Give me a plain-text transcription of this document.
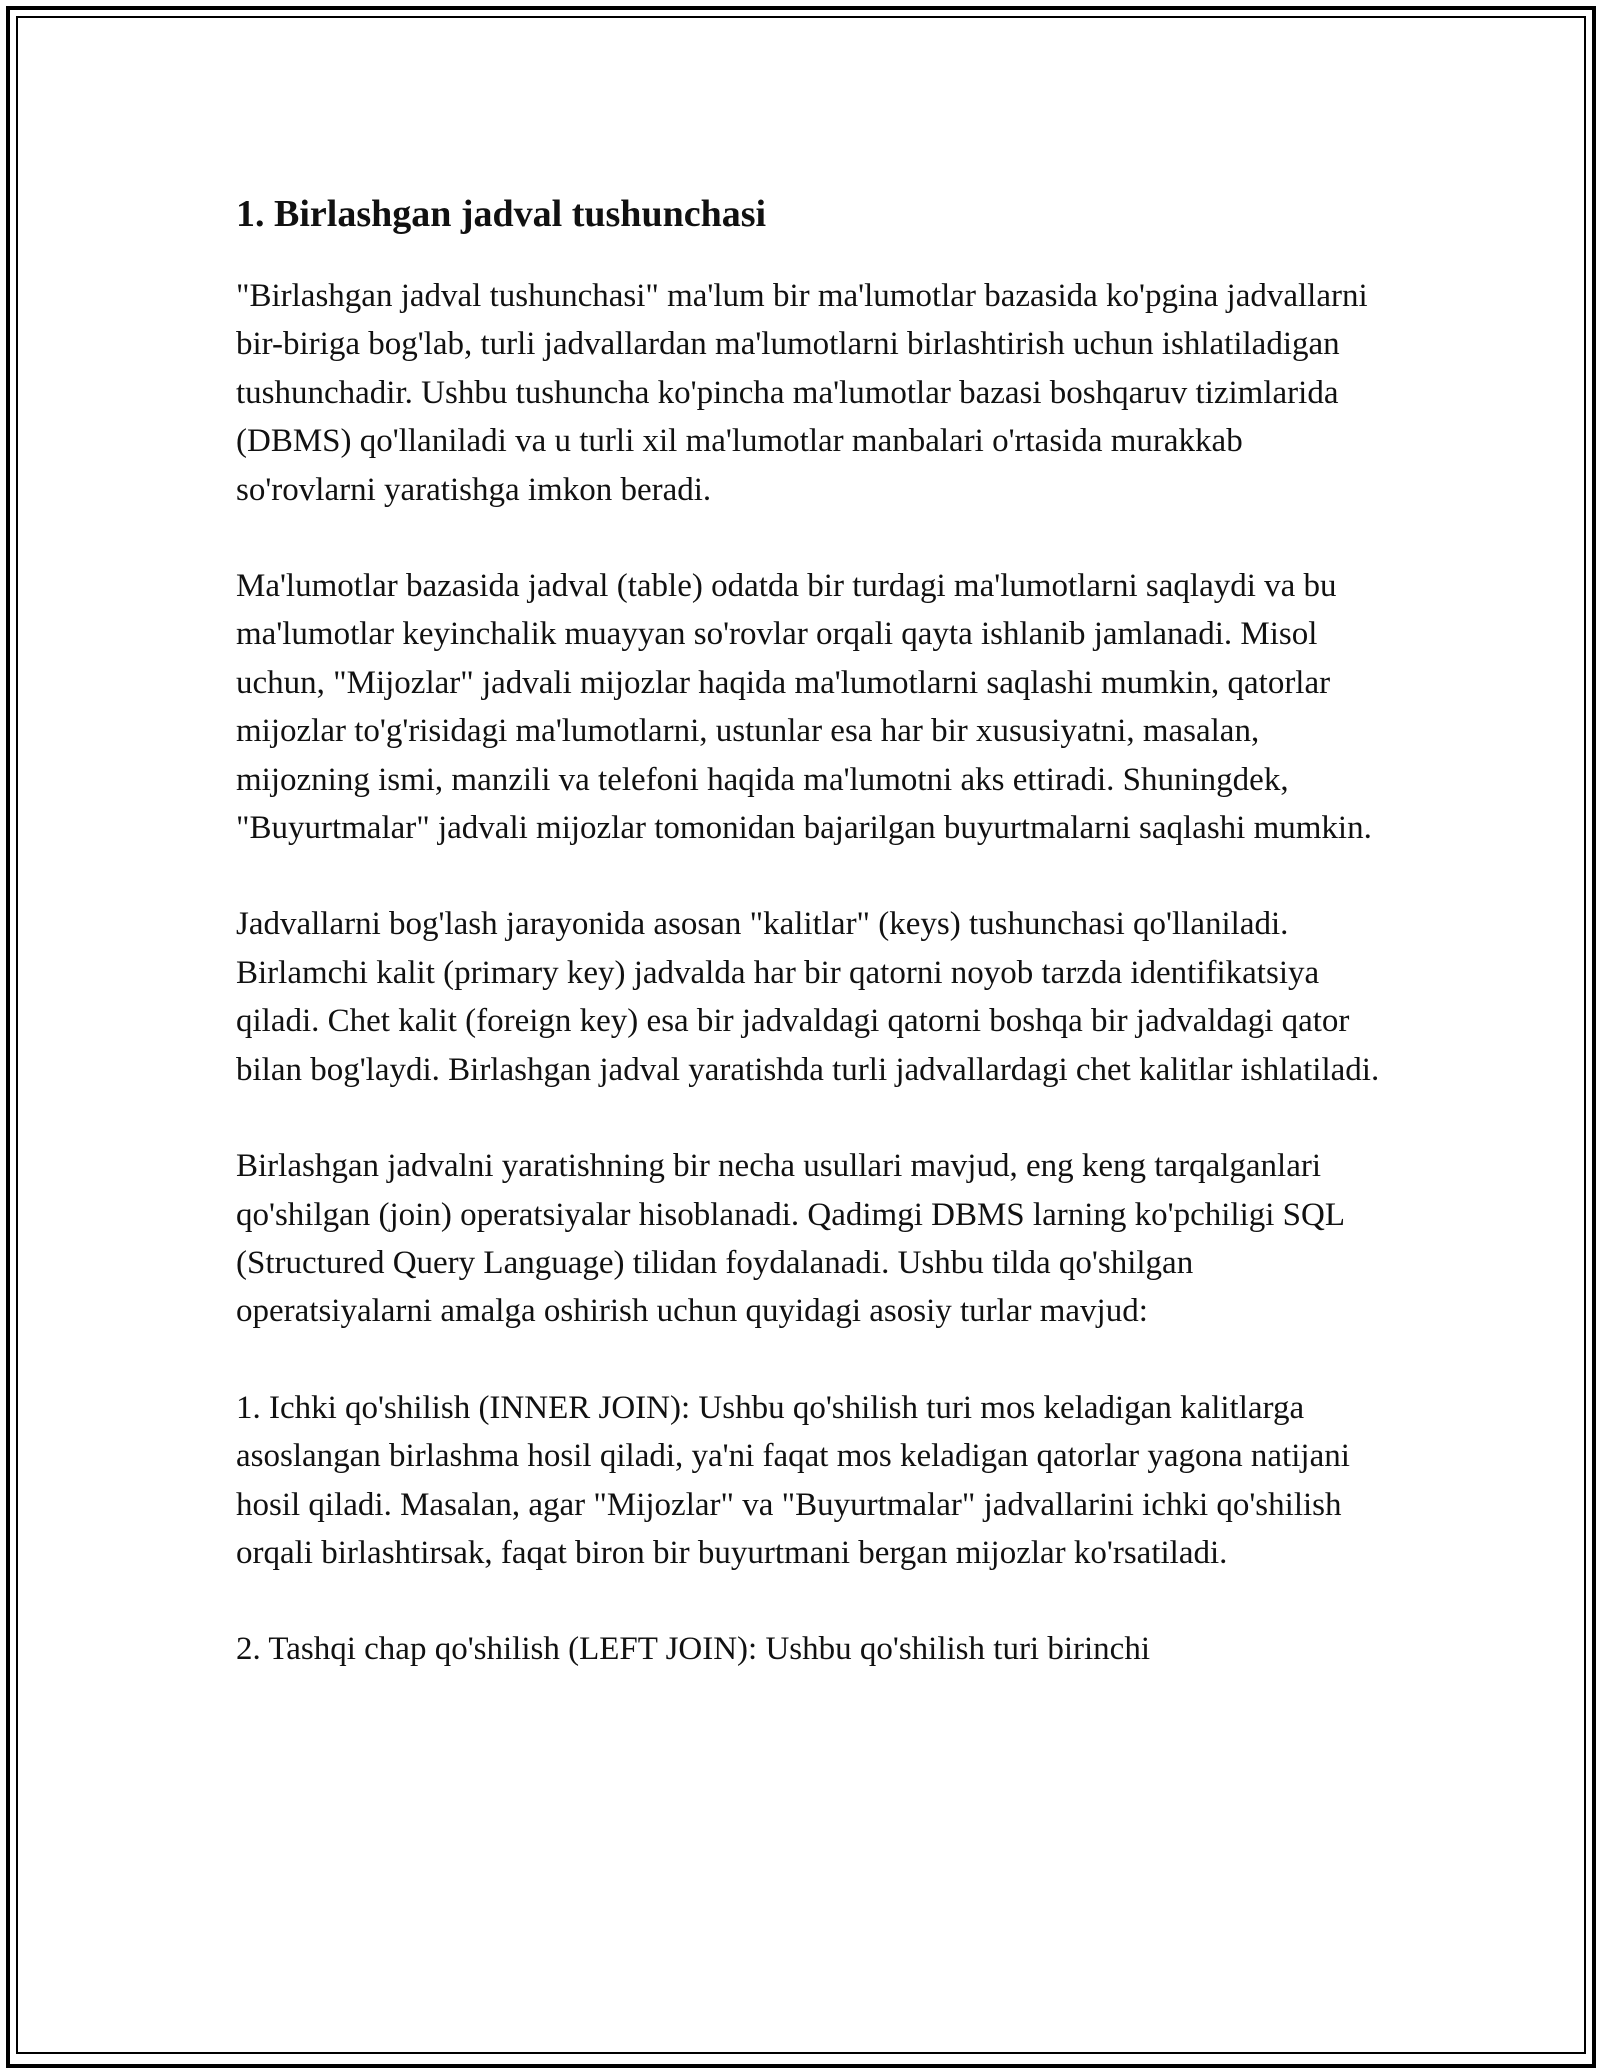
1. Birlashgan jadval tushunchasi

"Birlashgan jadval tushunchasi" ma'lum bir ma'lumotlar bazasida ko'pgina jadvallarni bir-biriga bog'lab, turli jadvallardan ma'lumotlarni birlashtirish uchun ishlatiladigan tushunchadir. Ushbu tushuncha ko'pincha ma'lumotlar bazasi boshqaruv tizimlarida (DBMS) qo'llaniladi va u turli xil ma'lumotlar manbalari o'rtasida murakkab so'rovlarni yaratishga imkon beradi.

Ma'lumotlar bazasida jadval (table) odatda bir turdagi ma'lumotlarni saqlaydi va bu ma'lumotlar keyinchalik muayyan so'rovlar orqali qayta ishlanib jamlanadi. Misol uchun, "Mijozlar" jadvali mijozlar haqida ma'lumotlarni saqlashi mumkin, qatorlar mijozlar to'g'risidagi ma'lumotlarni, ustunlar esa har bir xususiyatni, masalan, mijozning ismi, manzili va telefoni haqida ma'lumotni aks ettiradi. Shuningdek, "Buyurtmalar" jadvali mijozlar tomonidan bajarilgan buyurtmalarni saqlashi mumkin.

Jadvallarni bog'lash jarayonida asosan "kalitlar" (keys) tushunchasi qo'llaniladi. Birlamchi kalit (primary key) jadvalda har bir qatorni noyob tarzda identifikatsiya qiladi. Chet kalit (foreign key) esa bir jadvaldagi qatorni boshqa bir jadvaldagi qator bilan bog'laydi. Birlashgan jadval yaratishda turli jadvallardagi chet kalitlar ishlatiladi.

Birlashgan jadvalni yaratishning bir necha usullari mavjud, eng keng tarqalganlari qo'shilgan (join) operatsiyalar hisoblanadi. Qadimgi DBMS larning ko'pchiligi SQL (Structured Query Language) tilidan foydalanadi. Ushbu tilda qo'shilgan operatsiyalarni amalga oshirish uchun quyidagi asosiy turlar mavjud:

1. Ichki qo'shilish (INNER JOIN): Ushbu qo'shilish turi mos keladigan kalitlarga asoslangan birlashma hosil qiladi, ya'ni faqat mos keladigan qatorlar yagona natijani hosil qiladi. Masalan, agar "Mijozlar" va "Buyurtmalar" jadvallarini ichki qo'shilish orqali birlashtirsak, faqat biron bir buyurtmani bergan mijozlar ko'rsatiladi.

2. Tashqi chap qo'shilish (LEFT JOIN): Ushbu qo'shilish turi birinchi
